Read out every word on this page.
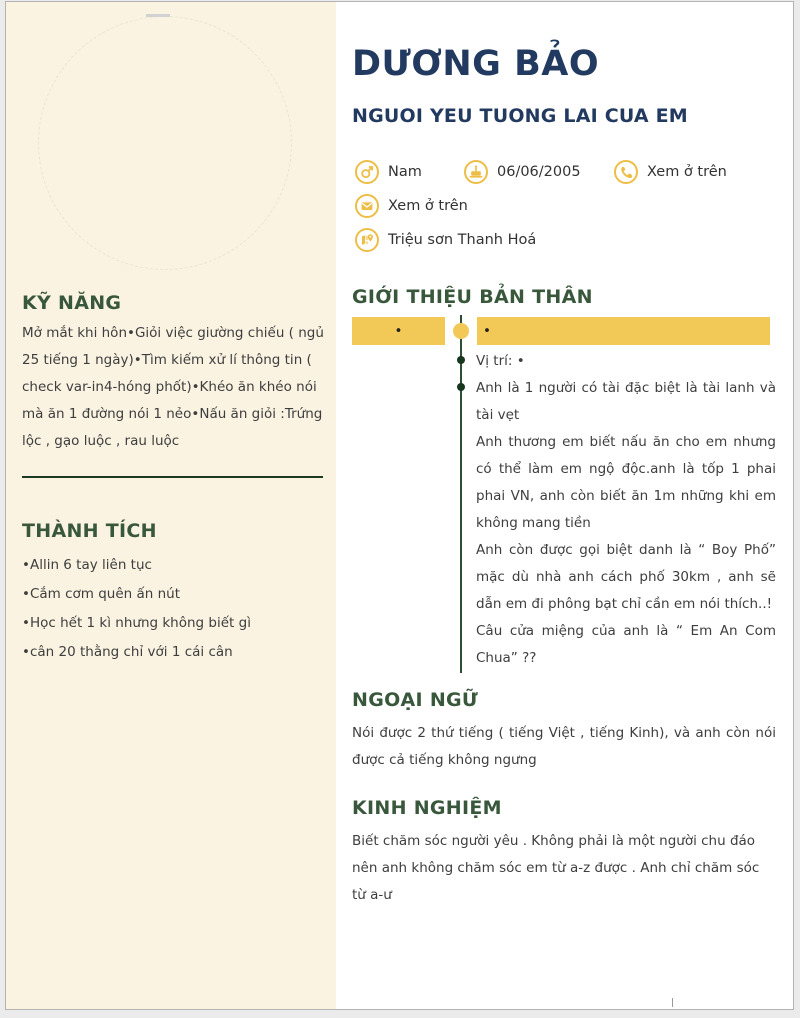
KỸ NĂNG

Mở mắt khi hôn•Giỏi việc giường chiếu ( ngủ 25 tiếng 1 ngày)•Tìm kiếm xử lí thông tin ( check var-in4-hóng phốt)•Khéo ăn khéo nói mà ăn 1 đường nói 1 nẻo•Nấu ăn giỏi :Trứng lộc , gạo luộc , rau luộc

THÀNH TÍCH
•Allin 6 tay liên tục
•Cắm cơm quên ấn nút
•Học hết 1 kì nhưng không biết gì
•cân 20 thằng chỉ với 1 cái cân
DƯƠNG BẢO
NGUOI YEU TUONG LAI CUA EM
Nam	06/06/2005	Xem ở trên
Xem ở trên
Triệu sơn Thanh Hoá
GIỚI THIỆU BẢN THÂN
•	•

Vị trí: •

Anh là 1 người có tài đặc biệt là tài lanh và tài vẹt

Anh thương em biết nấu ăn cho em nhưng có thể làm em ngộ độc.anh là tốp 1 phai phai VN, anh còn biết ăn 1m những khi em không mang tiền

Anh còn được gọi biệt danh là “ Boy Phố” mặc dù nhà anh cách phố 30km , anh sẽ dẫn em đi phông bạt chỉ cần em nói thích..!

Câu cửa miệng của anh là “ Em An Com Chua” ??

NGOẠI NGỮ

Nói được 2 thứ tiếng ( tiếng Việt , tiếng Kinh), và anh còn nói được cả tiếng không ngưng

KINH NGHIỆM

Biết chăm sóc người yêu . Không phải là một người chu đáo nên anh không chăm sóc em từ a-z được . Anh chỉ chăm sóc từ a-ư
